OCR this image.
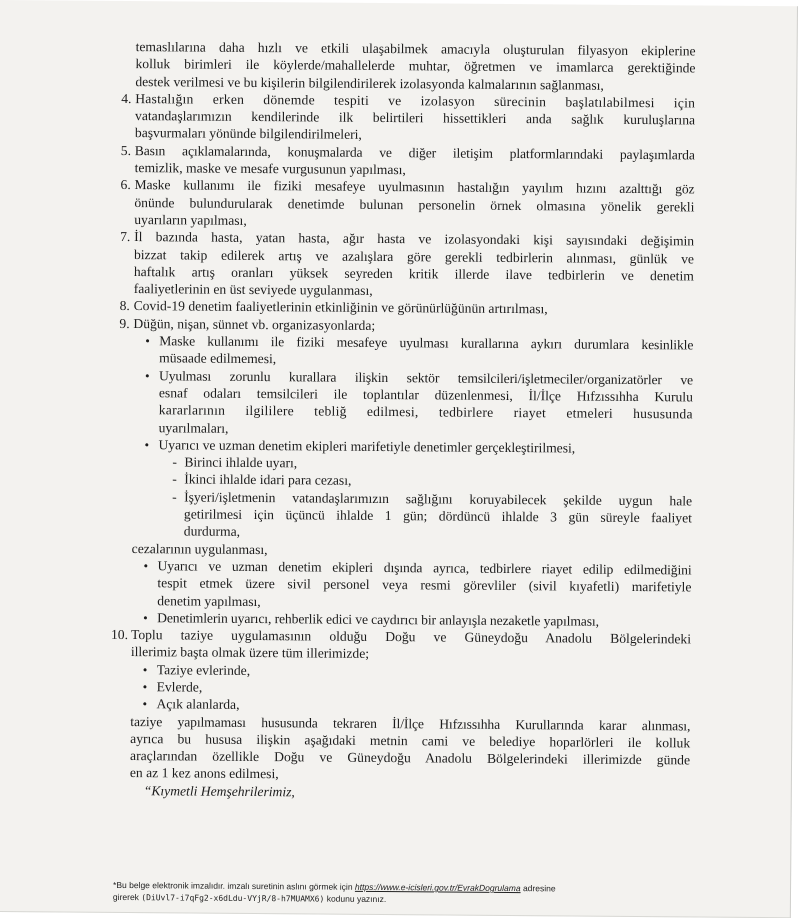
temaslılarına daha hızlı ve etkili ulaşabilmek amacıyla oluşturulan filyasyon ekiplerine
kolluk birimleri ile köylerde/mahallelerde muhtar, öğretmen ve imamlarca gerektiğinde
destek verilmesi ve bu kişilerin bilgilendirilerek izolasyonda kalmalarının sağlanması,
4. Hastalığın erken dönemde tespiti ve izolasyon sürecinin başlatılabilmesi için
vatandaşlarımızın kendilerinde ilk belirtileri hissettikleri anda sağlık kuruluşlarına
başvurmaları yönünde bilgilendirilmeleri,
5. Basın açıklamalarında, konuşmalarda ve diğer iletişim platformlarındaki paylaşımlarda
temizlik, maske ve mesafe vurgusunun yapılması,
6. Maske kullanımı ile fiziki mesafeye uyulmasının hastalığın yayılım hızını azalttığı göz
önünde bulundurularak denetimde bulunan personelin örnek olmasına yönelik gerekli
uyarıların yapılması,
7. İl bazında hasta, yatan hasta, ağır hasta ve izolasyondaki kişi sayısındaki değişimin
bizzat takip edilerek artış ve azalışlara göre gerekli tedbirlerin alınması, günlük ve
haftalık artış oranları yüksek seyreden kritik illerde ilave tedbirlerin ve denetim
faaliyetlerinin en üst seviyede uygulanması,
8. Covid-19 denetim faaliyetlerinin etkinliğinin ve görünürlüğünün artırılması,
9. Düğün, nişan, sünnet vb. organizasyonlarda;
• Maske kullanımı ile fiziki mesafeye uyulması kurallarına aykırı durumlara kesinlikle
müsaade edilmemesi,
• Uyulması zorunlu kurallara ilişkin sektör temsilcileri/işletmeciler/organizatörler ve
esnaf odaları temsilcileri ile toplantılar düzenlenmesi, İl/İlçe Hıfzıssıhha Kurulu
kararlarının ilgililere tebliğ edilmesi, tedbirlere riayet etmeleri hususunda
uyarılmaları,
• Uyarıcı ve uzman denetim ekipleri marifetiyle denetimler gerçekleştirilmesi,
- Birinci ihlalde uyarı,
- İkinci ihlalde idari para cezası,
- İşyeri/işletmenin vatandaşlarımızın sağlığını koruyabilecek şekilde uygun hale
getirilmesi için üçüncü ihlalde 1 gün; dördüncü ihlalde 3 gün süreyle faaliyet
durdurma,
cezalarının uygulanması,
• Uyarıcı ve uzman denetim ekipleri dışında ayrıca, tedbirlere riayet edilip edilmediğini
tespit etmek üzere sivil personel veya resmi görevliler (sivil kıyafetli) marifetiyle
denetim yapılması,
• Denetimlerin uyarıcı, rehberlik edici ve caydırıcı bir anlayışla nezaketle yapılması,
10. Toplu taziye uygulamasının olduğu Doğu ve Güneydoğu Anadolu Bölgelerindeki
illerimiz başta olmak üzere tüm illerimizde;
• Taziye evlerinde,
• Evlerde,
• Açık alanlarda,
taziye yapılmaması hususunda tekraren İl/İlçe Hıfzıssıhha Kurullarında karar alınması,
ayrıca bu hususa ilişkin aşağıdaki metnin cami ve belediye hoparlörleri ile kolluk
araçlarından özellikle Doğu ve Güneydoğu Anadolu Bölgelerindeki illerimizde günde
en az 1 kez anons edilmesi,
“Kıymetli Hemşehrilerimiz,
*Bu belge elektronik imzalıdır. imzalı suretinin aslını görmek için https://www.e-icisleri.gov.tr/EvrakDogrulama adresine
girerek (DiUvl7-i7qFg2-x6dLdu-VYjR/8-h7MUAMX6) kodunu yazınız.
